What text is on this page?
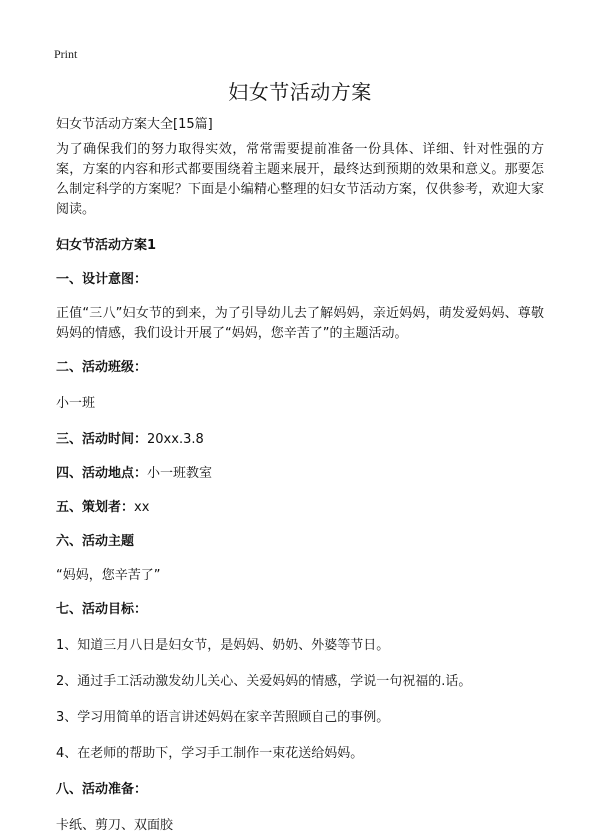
Print

妇女节活动方案

妇女节活动方案大全[15篇]

为了确保我们的努力取得实效，常常需要提前准备一份具体、详细、针对性强的方案，方案的内容和形式都要围绕着主题来展开，最终达到预期的效果和意义。那要怎么制定科学的方案呢？下面是小编精心整理的妇女节活动方案，仅供参考，欢迎大家阅读。

妇女节活动方案1

一、设计意图：

正值“三八”妇女节的到来，为了引导幼儿去了解妈妈，亲近妈妈，萌发爱妈妈、尊敬妈妈的情感，我们设计开展了“妈妈，您辛苦了”的主题活动。

二、活动班级：

小一班

三、活动时间：20xx.3.8

四、活动地点：小一班教室

五、策划者：xx

六、活动主题

“妈妈，您辛苦了”

七、活动目标：

1、知道三月八日是妇女节，是妈妈、奶奶、外婆等节日。

2、通过手工活动激发幼儿关心、关爱妈妈的情感，学说一句祝福的.话。

3、学习用简单的语言讲述妈妈在家辛苦照顾自己的事例。

4、在老师的帮助下，学习手工制作一束花送给妈妈。

八、活动准备：

卡纸、剪刀、双面胶
